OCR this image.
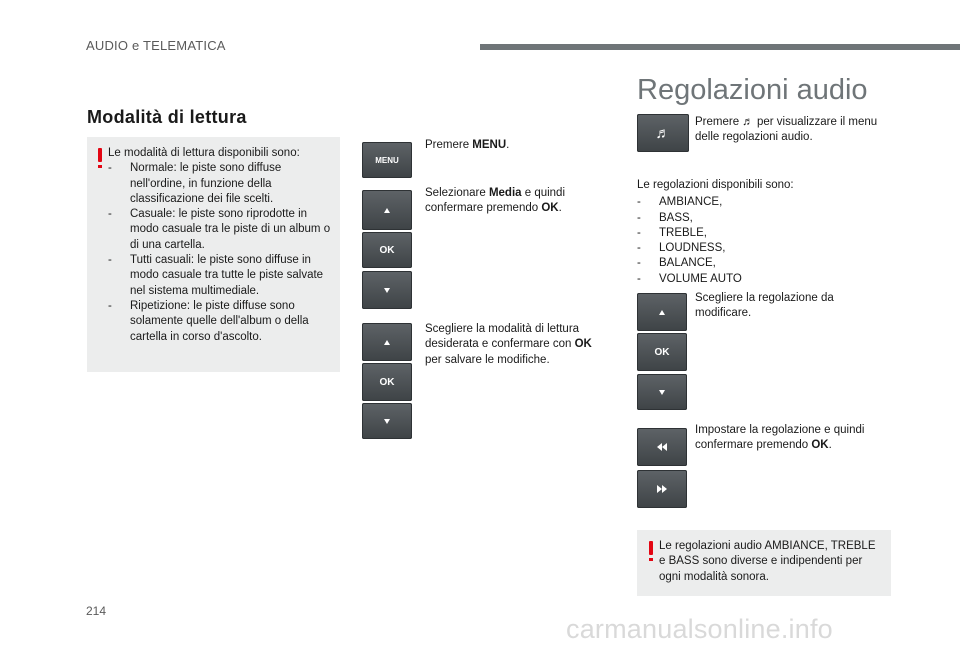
AUDIO e TELEMATICA
Modalità di lettura
Le modalità di lettura disponibili sono:
- Normale: le piste sono diffuse nell'ordine, in funzione della classificazione dei file scelti.
- Casuale: le piste sono riprodotte in modo casuale tra le piste di un album o di una cartella.
- Tutti casuali: le piste sono diffuse in modo casuale tra tutte le piste salvate nel sistema multimediale.
- Ripetizione: le piste diffuse sono solamente quelle dell'album o della cartella in corso d'ascolto.
MENU
Premere MENU.
OK
Selezionare Media e quindi confermare premendo OK.
OK
Scegliere la modalità di lettura desiderata e confermare con OK per salvare le modifiche.
Regolazioni audio
♬
Premere ♬ per visualizzare il menu delle regolazioni audio.
Le regolazioni disponibili sono:
- AMBIANCE,
- BASS,
- TREBLE,
- LOUDNESS,
- BALANCE,
- VOLUME AUTO
OK
Scegliere la regolazione da modificare.
Impostare la regolazione e quindi confermare premendo OK.
Le regolazioni audio AMBIANCE, TREBLE e BASS sono diverse e indipendenti per ogni modalità sonora.
214
carmanualsonline.info
